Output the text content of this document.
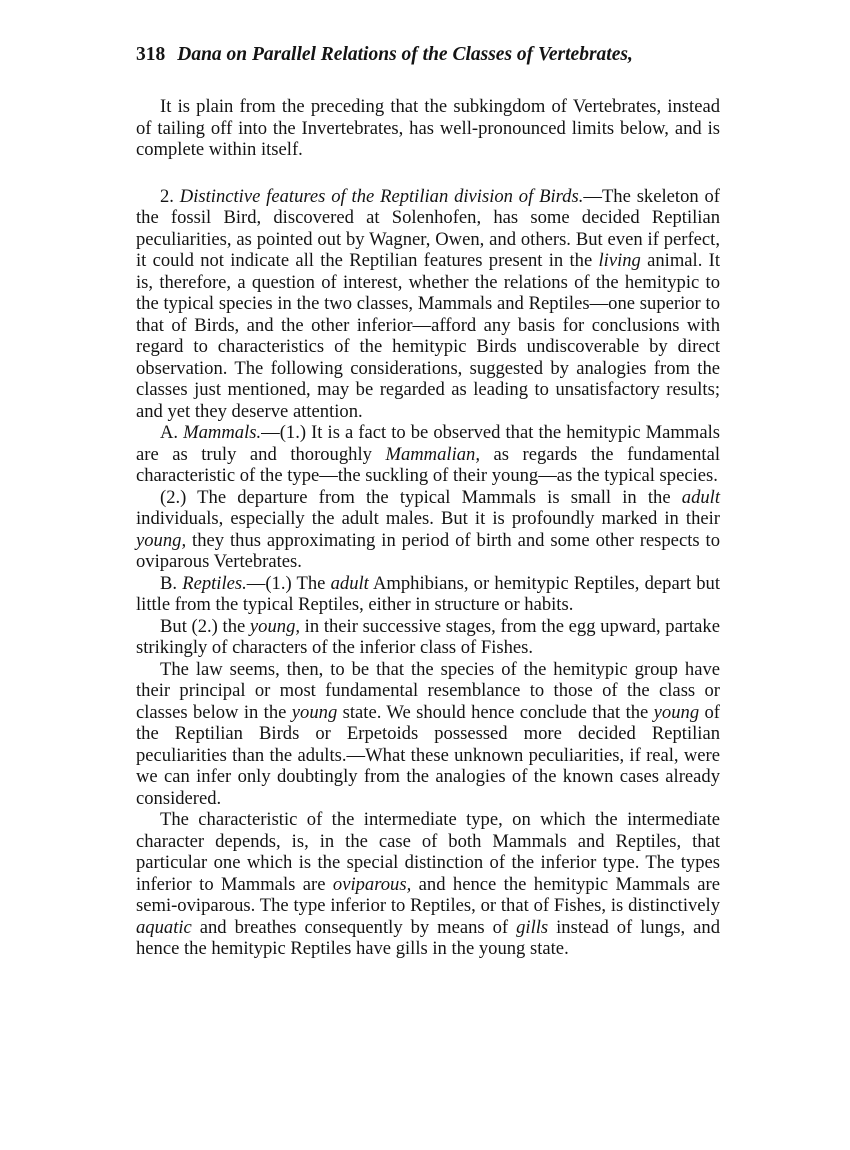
318 Dana on Parallel Relations of the Classes of Vertebrates,

It is plain from the preceding that the subkingdom of Vertebrates, instead of tailing off into the Invertebrates, has well-pronounced limits below, and is complete within itself.

2. Distinctive features of the Reptilian division of Birds.—The skeleton of the fossil Bird, discovered at Solenhofen, has some decided Reptilian peculiarities, as pointed out by Wagner, Owen, and others. But even if perfect, it could not indicate all the Reptilian features present in the living animal. It is, therefore, a question of interest, whether the relations of the hemitypic to the typical species in the two classes, Mammals and Reptiles—one superior to that of Birds, and the other inferior—afford any basis for conclusions with regard to characteristics of the hemitypic Birds undiscoverable by direct observation. The following considerations, suggested by analogies from the classes just mentioned, may be regarded as leading to unsatisfactory results; and yet they deserve attention.

A. Mammals.—(1.) It is a fact to be observed that the hemitypic Mammals are as truly and thoroughly Mammalian, as regards the fundamental characteristic of the type—the suckling of their young—as the typical species.

(2.) The departure from the typical Mammals is small in the adult individuals, especially the adult males. But it is profoundly marked in their young, they thus approximating in period of birth and some other respects to oviparous Vertebrates.

B. Reptiles.—(1.) The adult Amphibians, or hemitypic Reptiles, depart but little from the typical Reptiles, either in structure or habits.

But (2.) the young, in their successive stages, from the egg upward, partake strikingly of characters of the inferior class of Fishes.

The law seems, then, to be that the species of the hemitypic group have their principal or most fundamental resemblance to those of the class or classes below in the young state. We should hence conclude that the young of the Reptilian Birds or Erpetoids possessed more decided Reptilian peculiarities than the adults.—What these unknown peculiarities, if real, were we can infer only doubtingly from the analogies of the known cases already considered.

The characteristic of the intermediate type, on which the intermediate character depends, is, in the case of both Mammals and Reptiles, that particular one which is the special distinction of the inferior type. The types inferior to Mammals are oviparous, and hence the hemitypic Mammals are semi-oviparous. The type inferior to Reptiles, or that of Fishes, is distinctively aquatic and breathes consequently by means of gills instead of lungs, and hence the hemitypic Reptiles have gills in the young state.
